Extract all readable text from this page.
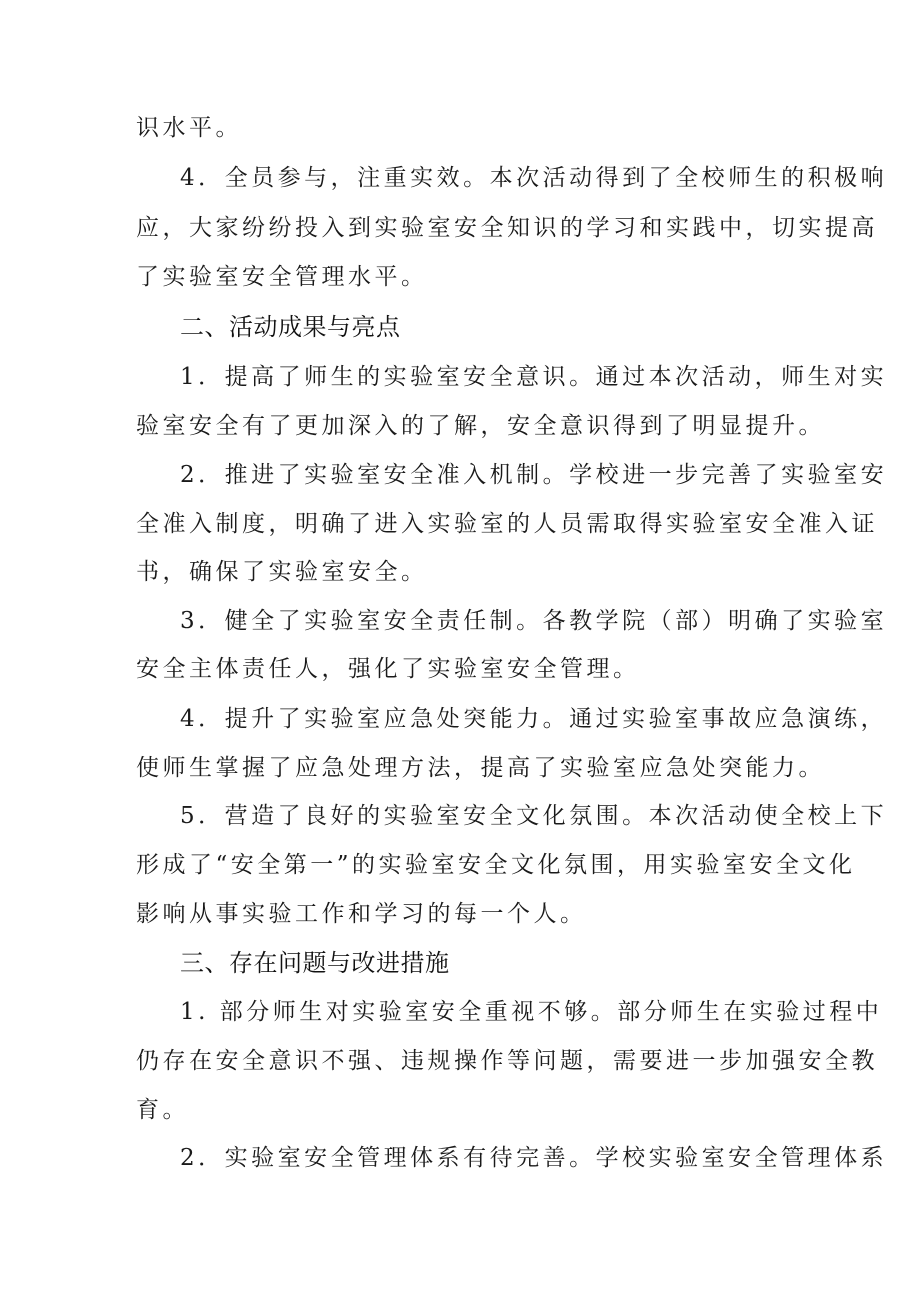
识水平。
4．全员参与，注重实效。本次活动得到了全校师生的积极响
应，大家纷纷投入到实验室安全知识的学习和实践中，切实提高
了实验室安全管理水平。
二、活动成果与亮点
1．提高了师生的实验室安全意识。通过本次活动，师生对实
验室安全有了更加深入的了解，安全意识得到了明显提升。
2．推进了实验室安全准入机制。学校进一步完善了实验室安
全准入制度，明确了进入实验室的人员需取得实验室安全准入证
书，确保了实验室安全。
3．健全了实验室安全责任制。各教学院（部）明确了实验室
安全主体责任人，强化了实验室安全管理。
4．提升了实验室应急处突能力。通过实验室事故应急演练，
使师生掌握了应急处理方法，提高了实验室应急处突能力。
5．营造了良好的实验室安全文化氛围。本次活动使全校上下
形成了“安全第一”的实验室安全文化氛围，用实验室安全文化
影响从事实验工作和学习的每一个人。
三、存在问题与改进措施
1. 部分师生对实验室安全重视不够。部分师生在实验过程中
仍存在安全意识不强、违规操作等问题，需要进一步加强安全教
育。
2．实验室安全管理体系有待完善。学校实验室安全管理体系
